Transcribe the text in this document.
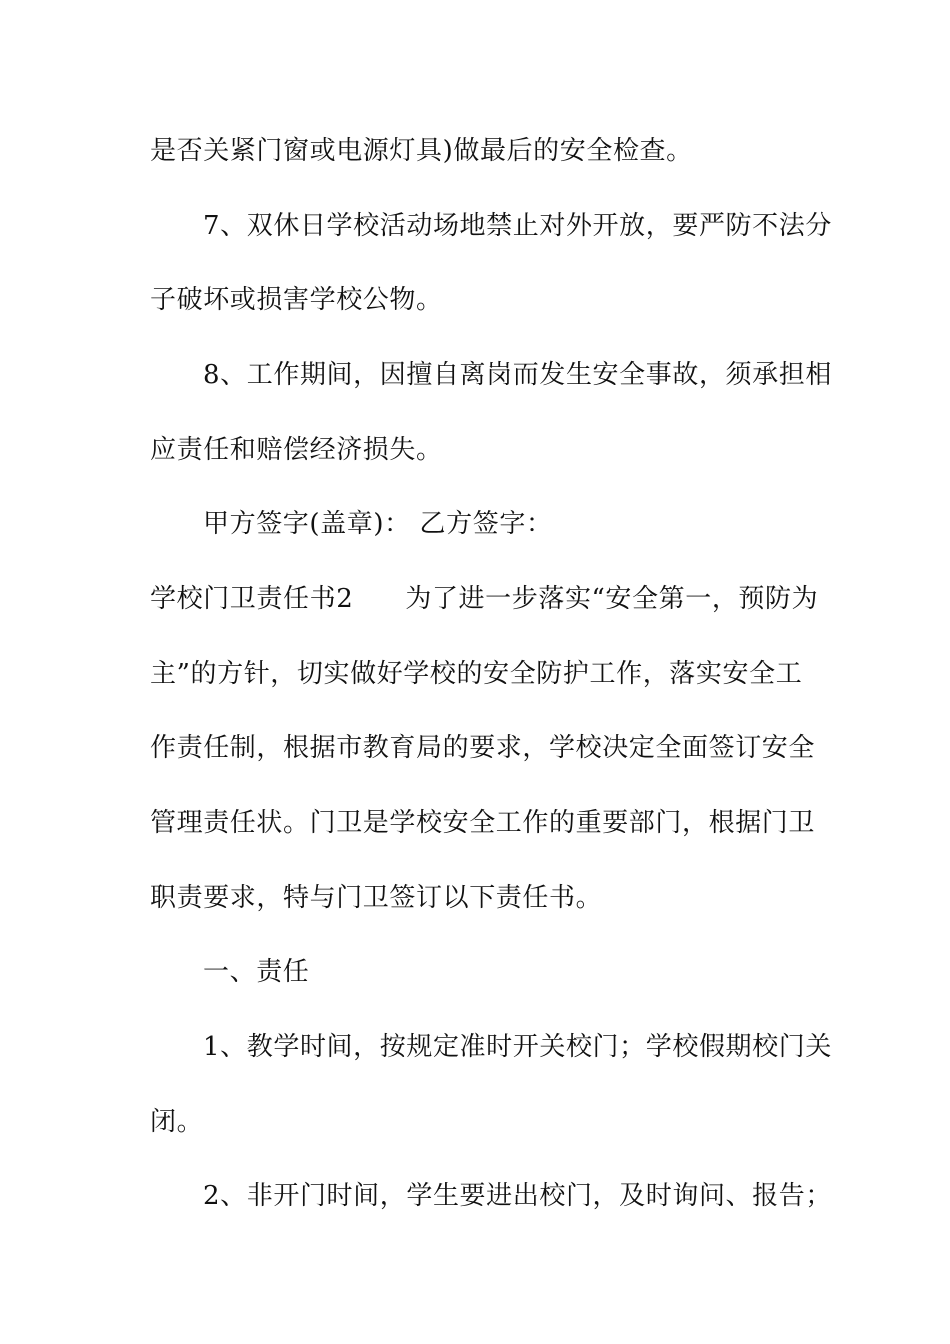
是否关紧门窗或电源灯具)做最后的安全检查。
7、双休日学校活动场地禁止对外开放，要严防不法分
子破坏或损害学校公物。
8、工作期间，因擅自离岗而发生安全事故，须承担相
应责任和赔偿经济损失。
甲方签字(盖章)： 乙方签字：
学校门卫责任书2 为了进一步落实“安全第一，预防为
主”的方针，切实做好学校的安全防护工作，落实安全工
作责任制，根据市教育局的要求，学校决定全面签订安全
管理责任状。门卫是学校安全工作的重要部门，根据门卫
职责要求，特与门卫签订以下责任书。
一、责任
1、教学时间，按规定准时开关校门；学校假期校门关
闭。
2、非开门时间，学生要进出校门，及时询问、报告；
